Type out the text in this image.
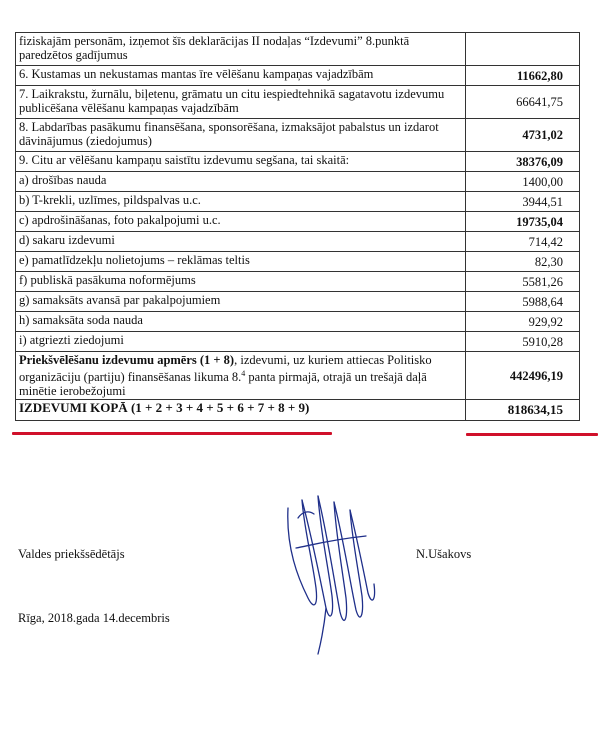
fiziskajām personām, izņemot šīs deklarācijas II nodaļas “Izdevumi” 8.punktā paredzētos gadījumus	
6. Kustamas un nekustamas mantas īre vēlēšanu kampaņas vajadzībām	11662,80
7. Laikrakstu, žurnālu, biļetenu, grāmatu un citu iespiedtehnikā sagatavotu izdevumu publicēšana vēlēšanu kampaņas vajadzībām	66641,75
8. Labdarības pasākumu finansēšana, sponsorēšana, izmaksājot pabalstus un izdarot dāvinājumus (ziedojumus)	4731,02
9. Citu ar vēlēšanu kampaņu saistītu izdevumu segšana, tai skaitā:	38376,09
a) drošības nauda	1400,00
b) T-krekli, uzlīmes, pildspalvas u.c.	3944,51
c) apdrošināšanas, foto pakalpojumi u.c.	19735,04
d) sakaru izdevumi	714,42
e) pamatlīdzekļu nolietojums – reklāmas teltis	82,30
f) publiskā pasākuma noformējums	5581,26
g) samaksāts avansā par pakalpojumiem	5988,64
h) samaksāta soda nauda	929,92
i) atgriezti ziedojumi	5910,28
Priekšvēlēšanu izdevumu apmērs (1 + 8), izdevumi, uz kuriem attiecas Politisko organizāciju (partiju) finansēšanas likuma 8.$^4$ panta pirmajā, otrajā un trešajā daļā minētie ierobežojumi	442496,19
IZDEVUMI KOPĀ (1 + 2 + 3 + 4 + 5 + 6 + 7 + 8 + 9)	818634,15
Valdes priekšsēdētājs	N.Ušakovs
Rīga, 2018.gada 14.decembris
